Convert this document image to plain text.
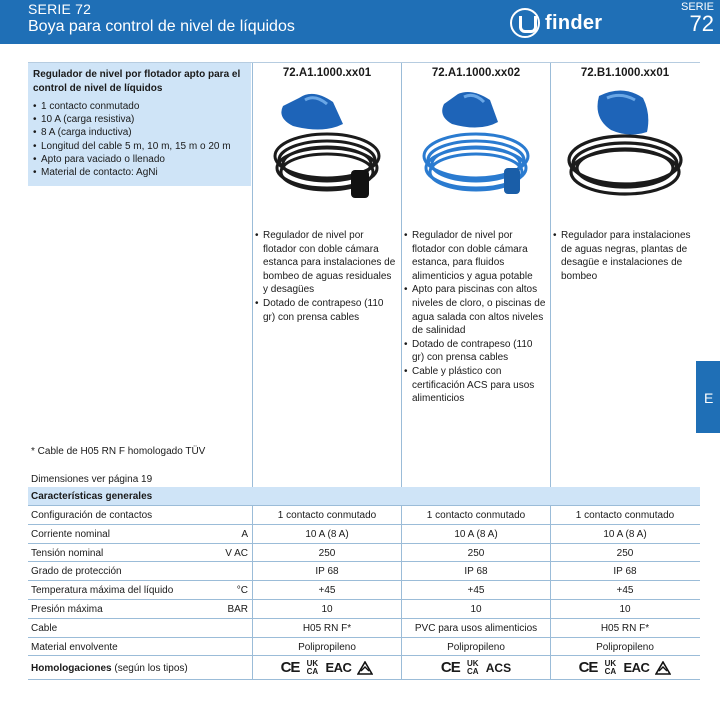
SERIE 72
Boya para control de nivel de líquidos	finder
SERIE
72
E
Regulador de nivel por flotador apto para el control de nivel de líquidos
• 1 contacto conmutado
• 10 A (carga resistiva)
• 8 A (carga inductiva)
• Longitud del cable 5 m, 10 m, 15 m o 20 m
• Apto para vaciado o llenado
• Material de contacto: AgNi
72.A1.1000.xx01	72.A1.1000.xx02	72.B1.1000.xx01
• Regulador de nivel por flotador con doble cámara estanca para instalaciones de bombeo de aguas residuales y desagües
• Dotado de contrapeso (110 gr) con prensa cables
• Regulador de nivel por flotador con doble cámara estanca, para fluidos alimenticios y agua potable
• Apto para piscinas con altos niveles de cloro, o piscinas de agua salada con altos niveles de salinidad
• Dotado de contrapeso (110 gr) con prensa cables
• Cable y plástico con certificación ACS para usos alimenticios
• Regulador para instalaciones de aguas negras, plantas de desagüe e instalaciones de bombeo
* Cable de H05 RN F homologado TÜV
Dimensiones ver página 19
Características generales
Configuración de contactos	1 contacto conmutado	1 contacto conmutado	1 contacto conmutado
Corriente nominal	A	10 A (8 A)	10 A (8 A)	10 A (8 A)
Tensión nominal	V AC	250	250	250
Grado de protección	IP 68	IP 68	IP 68
Temperatura máxima del líquido	°C	+45	+45	+45
Presión máxima	BAR	10	10	10
Cable	H05 RN F*	PVC para usos alimenticios	H05 RN F*
Material envolvente	Polipropileno	Polipropileno	Polipropileno
Homologaciones (según los tipos)	CE UK
CA EAC	CE UK
CA ACS	CE UK
CA EAC
